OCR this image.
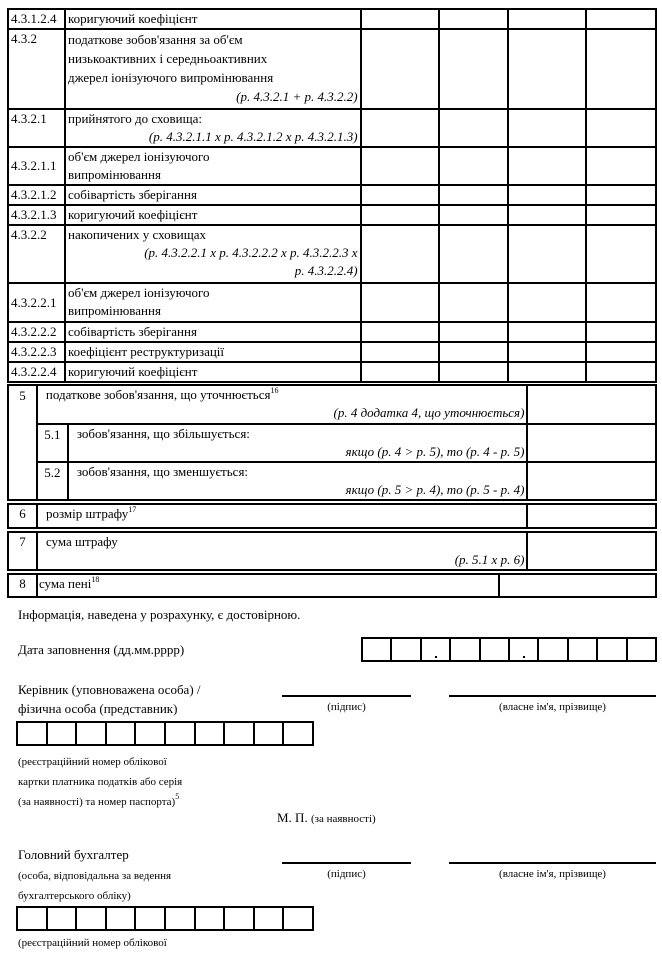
4.3.1.2.4	коригуючий коефіцієнт				
4.3.2	податкове зобов'язання за об'єм
низькоактивних і середньоактивних
джерел іонізуючого випромінювання
(р. 4.3.2.1 + р. 4.3.2.2)				

4.3.2.1	прийнятого до сховища:
(р. 4.3.2.1.1 х р. 4.3.2.1.2 х р. 4.3.2.1.3)				

4.3.2.1.1	об'єм джерел іонізуючого
випромінювання				

4.3.2.1.2	собівартість зберігання				
4.3.2.1.3	коригуючий коефіцієнт				
4.3.2.2	накопичених у сховищах
(р. 4.3.2.2.1 х р. 4.3.2.2.2 х р. 4.3.2.2.3 х
р. 4.3.2.2.4)				

4.3.2.2.1	об'єм джерел іонізуючого
випромінювання				

4.3.2.2.2	собівартість зберігання				
4.3.2.2.3	коефіцієнт реструктуризації				
4.3.2.2.4	коригуючий коефіцієнт				
5	податкове зобов'язання, що уточнюється$^{16}$
(р. 4 додатка 4, що уточнюється)		

	5.1	зобов'язання, що збільшується:
якщо (р. 4 > р. 5), то (р. 4 - р. 5)	

	5.2	зобов'язання, що зменшується:
якщо (р. 5 > р. 4), то (р. 5 - р. 4)	

6	розмір штрафу$^{17}$	
7	сума штрафу
(р. 5.1 х р. 6)

8	сума пені$^{18}$	
Інформація, наведена у розрахунку, є достовірною.
Дата заповнення (дд.мм.рррр)
Керівник (уповноважена особа) /
фізична особа (представник)	(підпис)	(власне ім'я, прізвище)
(реєстраційний номер облікової
картки платника податків або серія
(за наявності) та номер паспорта)$^5$
М. П. (за наявності)
Головний бухгалтер
(особа, відповідальна за ведення
бухгалтерського обліку)
(підпис)	(власне ім'я, прізвище)
(реєстраційний номер облікової
